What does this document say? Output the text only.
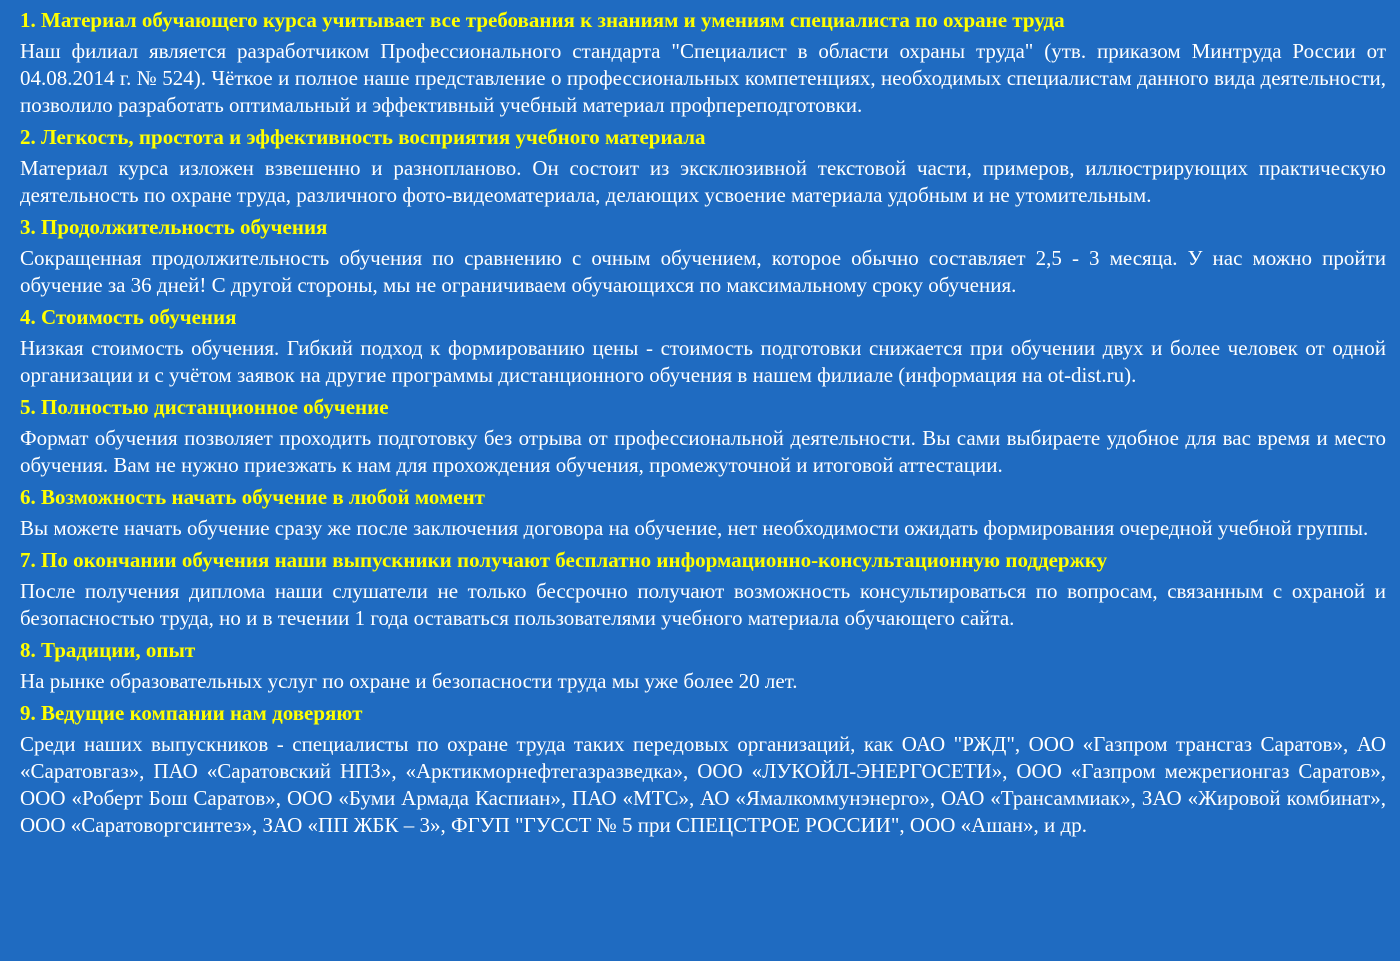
1. Материал обучающего курса учитывает все требования к знаниям и умениям специалиста по охране труда
Наш филиал является разработчиком Профессионального стандарта "Специалист в области охраны труда" (утв. приказом Минтруда России от 04.08.2014 г. № 524). Чёткое и полное наше представление о профессиональных компетенциях, необходимых специалистам данного вида деятельности, позволило разработать оптимальный и эффективный учебный материал профпереподготовки.
2. Легкость, простота и эффективность восприятия учебного материала
Материал курса изложен взвешенно и разнопланово. Он состоит из эксклюзивной текстовой части, примеров, иллюстрирующих практическую деятельность по охране труда, различного фото-видеоматериала, делающих усвоение материала удобным и не утомительным.
3. Продолжительность обучения
Сокращенная продолжительность обучения по сравнению с очным обучением, которое обычно составляет 2,5 - 3 месяца. У нас можно пройти обучение за 36 дней! С другой стороны, мы не ограничиваем обучающихся по максимальному сроку обучения.
4. Стоимость обучения
Низкая стоимость обучения. Гибкий подход к формированию цены - стоимость подготовки снижается при обучении двух и более человек от одной организации и с учётом заявок на другие программы дистанционного обучения в нашем филиале (информация на ot-dist.ru).
5. Полностью дистанционное обучение
Формат обучения позволяет проходить подготовку без отрыва от профессиональной деятельности. Вы сами выбираете удобное для вас время и место обучения. Вам не нужно приезжать к нам для прохождения обучения, промежуточной и итоговой аттестации.
6. Возможность начать обучение в любой момент
Вы можете начать обучение сразу же после заключения договора на обучение, нет необходимости ожидать формирования очередной учебной группы.
7. По окончании обучения наши выпускники получают бесплатно информационно-консультационную поддержку
После получения диплома наши слушатели не только бессрочно получают возможность консультироваться по вопросам, связанным с охраной и безопасностью труда, но и в течении 1 года оставаться пользователями учебного материала обучающего сайта.
8. Традиции, опыт
На рынке образовательных услуг по охране и безопасности труда мы уже более 20 лет.
9. Ведущие компании нам доверяют
Среди наших выпускников - специалисты по охране труда таких передовых организаций, как ОАО "РЖД", ООО «Газпром трансгаз Саратов», АО «Саратовгаз», ПАО «Саратовский НПЗ», «Арктикморнефтегазразведка», ООО «ЛУКОЙЛ-ЭНЕРГОСЕТИ», ООО «Газпром межрегионгаз Саратов», ООО «Роберт Бош Саратов», ООО «Буми Армада Каспиан», ПАО «МТС», АО «Ямалкоммунэнерго», ОАО «Трансаммиак», ЗАО «Жировой комбинат», ООО «Саратоворгсинтез», ЗАО «ПП ЖБК – 3», ФГУП "ГУССТ № 5 при СПЕЦСТРОЕ РОССИИ", ООО «Ашан», и др.
